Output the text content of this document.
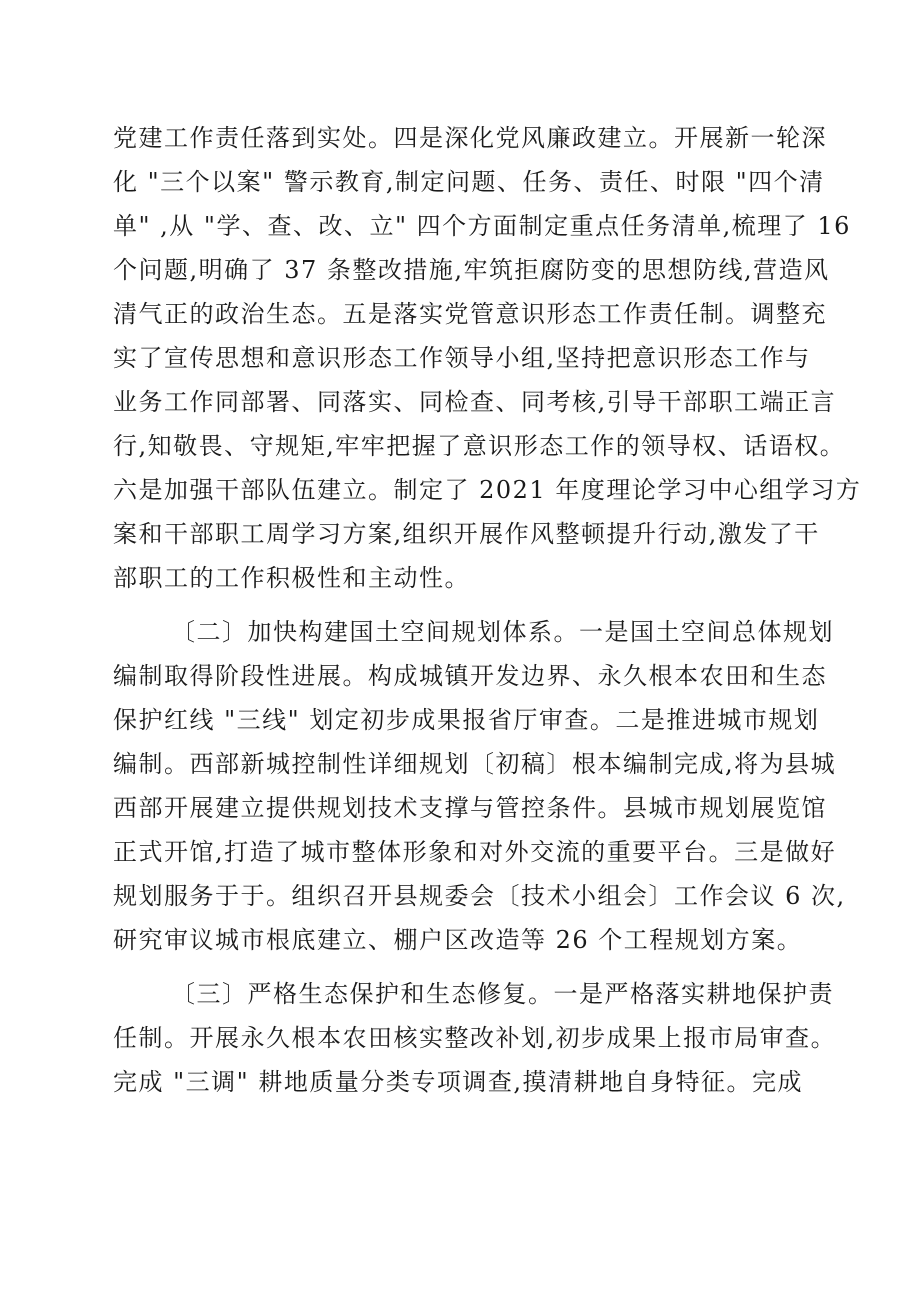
党建工作责任落到实处。四是深化党风廉政建立。开展新一轮深
化 "三个以案" 警示教育,制定问题、任务、责任、时限 "四个清
单" ,从 "学、查、改、立" 四个方面制定重点任务清单,梳理了 16
个问题,明确了 37 条整改措施,牢筑拒腐防变的思想防线,营造风
清气正的政治生态。五是落实党管意识形态工作责任制。调整充
实了宣传思想和意识形态工作领导小组,坚持把意识形态工作与
业务工作同部署、同落实、同检查、同考核,引导干部职工端正言
行,知敬畏、守规矩,牢牢把握了意识形态工作的领导权、话语权。
六是加强干部队伍建立。制定了 2021 年度理论学习中心组学习方
案和干部职工周学习方案,组织开展作风整顿提升行动,激发了干
部职工的工作积极性和主动性。
〔二〕加快构建国土空间规划体系。一是国土空间总体规划
编制取得阶段性进展。构成城镇开发边界、永久根本农田和生态
保护红线 "三线" 划定初步成果报省厅审查。二是推进城市规划
编制。西部新城控制性详细规划〔初稿〕根本编制完成,将为县城
西部开展建立提供规划技术支撑与管控条件。县城市规划展览馆
正式开馆,打造了城市整体形象和对外交流的重要平台。三是做好
规划服务于于。组织召开县规委会〔技术小组会〕工作会议 6 次,
研究审议城市根底建立、棚户区改造等 26 个工程规划方案。
〔三〕严格生态保护和生态修复。一是严格落实耕地保护责
任制。开展永久根本农田核实整改补划,初步成果上报市局审查。
完成 "三调" 耕地质量分类专项调查,摸清耕地自身特征。完成
